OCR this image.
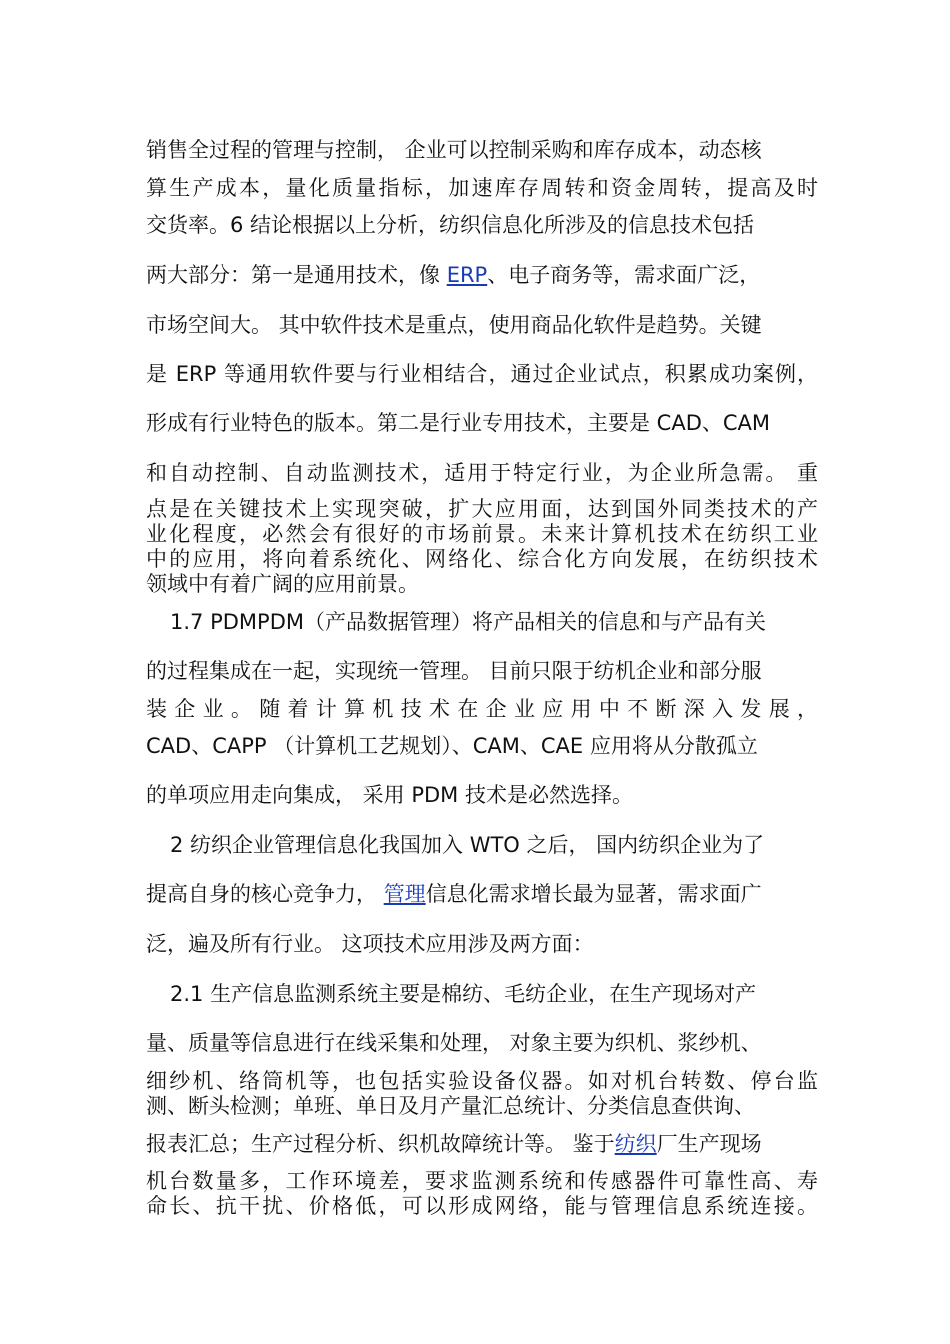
销售全过程的管理与控制， 企业可以控制采购和库存成本，动态核
算生产成本，量化质量指标，加速库存周转和资金周转，提高及时
交货率。6 结论根据以上分析，纺织信息化所涉及的信息技术包括
两大部分：第一是通用技术，像 ERP、电子商务等，需求面广泛，
市场空间大。 其中软件技术是重点，使用商品化软件是趋势。关键
是 ERP 等通用软件要与行业相结合，通过企业试点，积累成功案例，
形成有行业特色的版本。第二是行业专用技术，主要是 CAD、CAM
和自动控制、自动监测技术，适用于特定行业，为企业所急需。 重
点是在关键技术上实现突破，扩大应用面，达到国外同类技术的产
业化程度，必然会有很好的市场前景。未来计算机技术在纺织工业
中的应用，将向着系统化、网络化、综合化方向发展，在纺织技术
领域中有着广阔的应用前景。
1.7 PDMPDM（产品数据管理）将产品相关的信息和与产品有关
的过程集成在一起，实现统一管理。 目前只限于纺机企业和部分服
装企业。随着计算机技术在企业应用中不断深入发展，
CAD、CAPP （计算机工艺规划）、CAM、CAE 应用将从分散孤立
的单项应用走向集成， 采用 PDM 技术是必然选择。
2 纺织企业管理信息化我国加入 WTO 之后， 国内纺织企业为了
提高自身的核心竞争力， 管理信息化需求增长最为显著，需求面广
泛，遍及所有行业。 这项技术应用涉及两方面：
2.1 生产信息监测系统主要是棉纺、毛纺企业，在生产现场对产
量、质量等信息进行在线采集和处理， 对象主要为织机、浆纱机、
细纱机、络筒机等，也包括实验设备仪器。如对机台转数、停台监
测、断头检测；单班、单日及月产量汇总统计、分类信息查供询、
报表汇总；生产过程分析、织机故障统计等。 鉴于纺织厂生产现场
机台数量多，工作环境差，要求监测系统和传感器件可靠性高、寿
命长、抗干扰、价格低，可以形成网络，能与管理信息系统连接。
